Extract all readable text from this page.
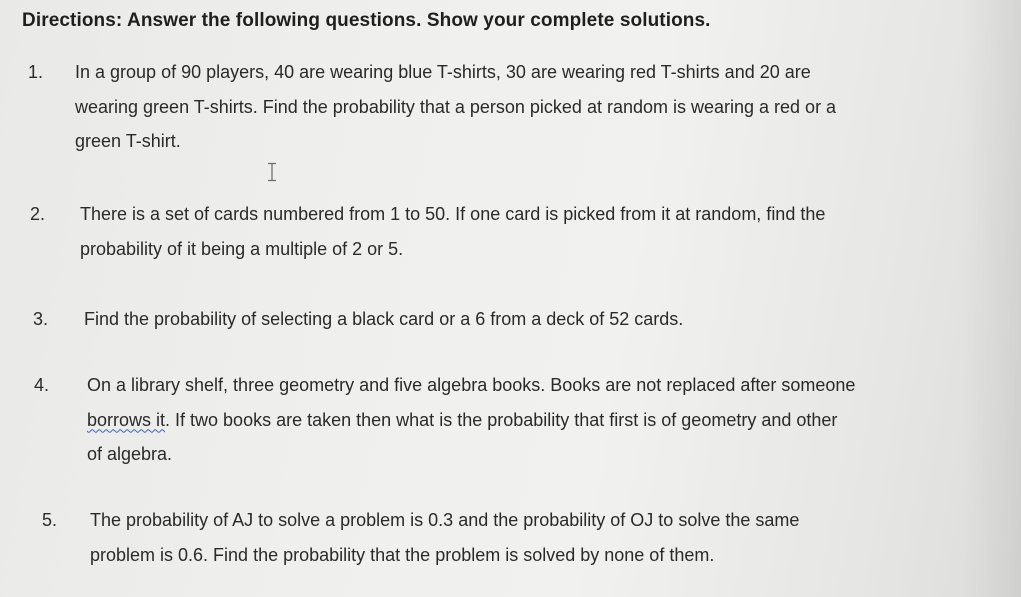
Directions: Answer the following questions. Show your complete solutions.
1. In a group of 90 players, 40 are wearing blue T-shirts, 30 are wearing red T-shirts and 20 are
wearing green T-shirts. Find the probability that a person picked at random is wearing a red or a
green T-shirt.
2. There is a set of cards numbered from 1 to 50. If one card is picked from it at random, find the
probability of it being a multiple of 2 or 5.
3. Find the probability of selecting a black card or a 6 from a deck of 52 cards.
4. On a library shelf, three geometry and five algebra books. Books are not replaced after someone
borrows it. If two books are taken then what is the probability that first is of geometry and other
of algebra.
5. The probability of AJ to solve a problem is 0.3 and the probability of OJ to solve the same
problem is 0.6. Find the probability that the problem is solved by none of them.
